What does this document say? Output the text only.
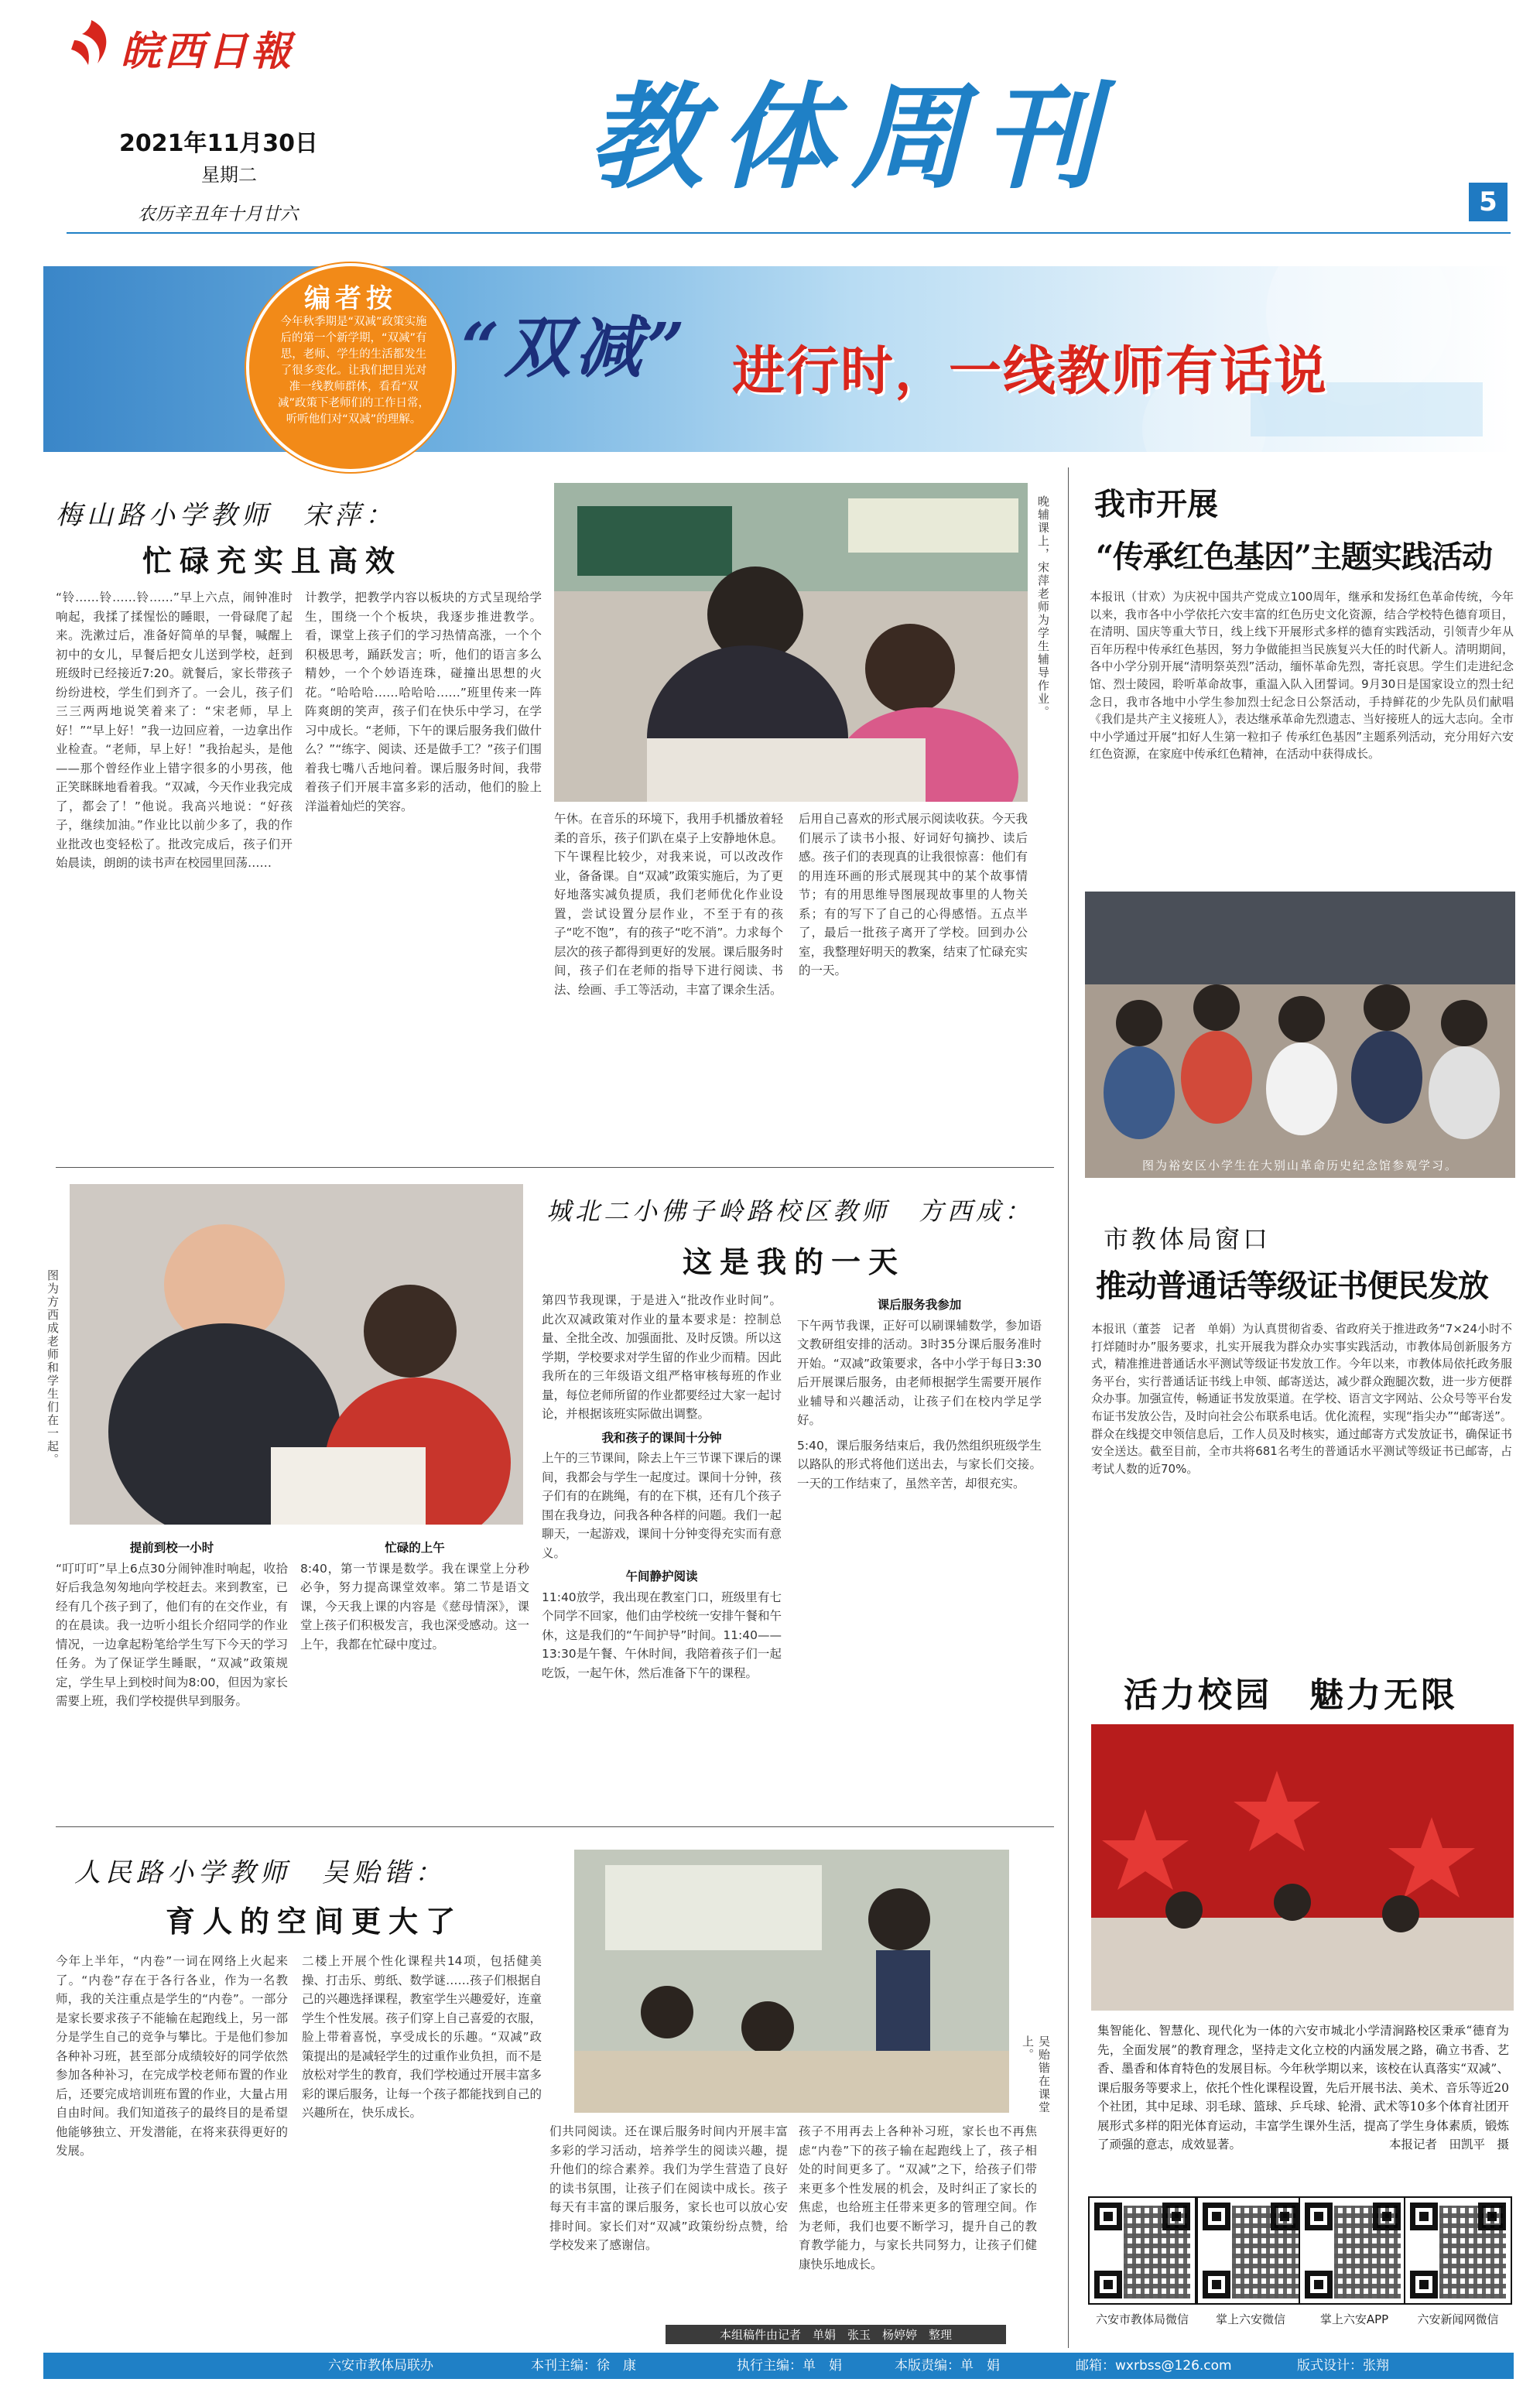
皖西日報
2021年11月30日
星期二
农历辛丑年十月廿六
教体周刊	5
编者按
今年秋季期是“双减”政策实施后的第一个新学期，“双减”有思，老师、学生的生活都发生了很多变化。让我们把目光对准一线教师群体，看看“双减”政策下老师们的工作日常，听听他们对“双减”的理解。
“双减” 进行时，一线教师有话说
梅山路小学教师　宋萍：
忙碌充实且高效
“铃……铃……铃……”早上六点，闹钟准时响起，我揉了揉惺忪的睡眼，一骨碌爬了起来。洗漱过后，准备好简单的早餐，喊醒上初中的女儿，早餐后把女儿送到学校，赶到班级时已经接近7:20。就餐后，家长带孩子纷纷进校，学生们到齐了。一会儿，孩子们三三两两地说笑着来了：“宋老师，早上好！”“早上好！”我一边回应着，一边拿出作业检查。“老师，早上好！”我抬起头，是他——那个曾经作业上错字很多的小男孩，他正笑眯眯地看着我。“双减，今天作业我完成了，都会了！”他说。我高兴地说：“好孩子，继续加油。”作业比以前少多了，我的作业批改也变轻松了。批改完成后，孩子们开始晨读，朗朗的读书声在校园里回荡……
计教学，把教学内容以板块的方式呈现给学生，围绕一个个板块，我逐步推进教学。看，课堂上孩子们的学习热情高涨，一个个积极思考，踊跃发言；听，他们的语言多么精妙，一个个妙语连珠，碰撞出思想的火花。“哈哈哈……哈哈哈……”班里传来一阵阵爽朗的笑声，孩子们在快乐中学习，在学习中成长。“老师，下午的课后服务我们做什么？”“练字、阅读、还是做手工？”孩子们围着我七嘴八舌地问着。课后服务时间，我带着孩子们开展丰富多彩的活动，他们的脸上洋溢着灿烂的笑容。
晚辅课上，宋萍老师为学生辅导作业。
午休。在音乐的环境下，我用手机播放着轻柔的音乐，孩子们趴在桌子上安静地休息。下午课程比较少，对我来说，可以改改作业，备备课。自“双减”政策实施后，为了更好地落实减负提质，我们老师优化作业设置，尝试设置分层作业，不至于有的孩子“吃不饱”，有的孩子“吃不消”。力求每个层次的孩子都得到更好的发展。课后服务时间，孩子们在老师的指导下进行阅读、书法、绘画、手工等活动，丰富了课余生活。
后用自己喜欢的形式展示阅读收获。今天我们展示了读书小报、好词好句摘抄、读后感。孩子们的表现真的让我很惊喜：他们有的用连环画的形式展现其中的某个故事情节；有的用思维导图展现故事里的人物关系；有的写下了自己的心得感悟。五点半了，最后一批孩子离开了学校。回到办公室，我整理好明天的教案，结束了忙碌充实的一天。
图为方西成老师和学生们在一起。
城北二小佛子岭路校区教师　方西成：
这是我的一天
第四节我现课，于是进入“批改作业时间”。此次双减政策对作业的量本要求是：控制总量、全批全改、加强面批、及时反馈。所以这学期，学校要求对学生留的作业少而精。因此我所在的三年级语文组严格审核每班的作业量，每位老师所留的作业都要经过大家一起讨论，并根据该班实际做出调整。
我和孩子的课间十分钟
上午的三节课间，除去上午三节课下课后的课间，我都会与学生一起度过。课间十分钟，孩子们有的在跳绳，有的在下棋，还有几个孩子围在我身边，问我各种各样的问题。我们一起聊天，一起游戏，课间十分钟变得充实而有意义。
午间静护阅读
11:40放学，我出现在教室门口，班级里有七个同学不回家，他们由学校统一安排午餐和午休，这是我们的“午间护导”时间。11:40——13:30是午餐、午休时间，我陪着孩子们一起吃饭，一起午休，然后准备下午的课程。
课后服务我参加
下午两节我课，正好可以刷课辅数学，参加语文教研组安排的活动。3时35分课后服务准时开始。“双减”政策要求，各中小学于每日3:30后开展课后服务，由老师根据学生需要开展作业辅导和兴趣活动，让孩子们在校内学足学好。
5:40，课后服务结束后，我仍然组织班级学生以路队的形式将他们送出去，与家长们交接。一天的工作结束了，虽然辛苦，却很充实。
提前到校一小时
“叮叮叮”早上6点30分闹钟准时响起，收拾好后我急匆匆地向学校赶去。来到教室，已经有几个孩子到了，他们有的在交作业，有的在晨读。我一边听小组长介绍同学的作业情况，一边拿起粉笔给学生写下今天的学习任务。为了保证学生睡眠，“双减”政策规定，学生早上到校时间为8:00，但因为家长需要上班，我们学校提供早到服务。
忙碌的上午
8:40，第一节课是数学。我在课堂上分秒必争，努力提高课堂效率。第二节是语文课，今天我上课的内容是《慈母情深》，课堂上孩子们积极发言，我也深受感动。这一上午，我都在忙碌中度过。
人民路小学教师　吴贻锴：
育人的空间更大了
今年上半年，“内卷”一词在网络上火起来了。“内卷”存在于各行各业，作为一名教师，我的关注重点是学生的“内卷”。一部分是家长要求孩子不能输在起跑线上，另一部分是学生自己的竞争与攀比。于是他们参加各种补习班，甚至部分成绩较好的同学依然参加各种补习，在完成学校老师布置的作业后，还要完成培训班布置的作业，大量占用自由时间。我们知道孩子的最终目的是希望他能够独立、开发潜能，在将来获得更好的发展。
二楼上开展个性化课程共14项，包括健美操、打击乐、剪纸、数学谜……孩子们根据自己的兴趣选择课程，教室学生兴趣爱好，连童学生个性发展。孩子们穿上自己喜爱的衣服，脸上带着喜悦，享受成长的乐趣。“双减”政策提出的是减轻学生的过重作业负担，而不是放松对学生的教育，我们学校通过开展丰富多彩的课后服务，让每一个孩子都能找到自己的兴趣所在，快乐成长。	吴贻锴在课堂上。
们共同阅读。还在课后服务时间内开展丰富多彩的学习活动，培养学生的阅读兴趣，提升他们的综合素养。我们为学生营造了良好的读书氛围，让孩子们在阅读中成长。孩子每天有丰富的课后服务，家长也可以放心安排时间。家长们对“双减”政策纷纷点赞，给学校发来了感谢信。
孩子不用再去上各种补习班，家长也不再焦虑“内卷”下的孩子输在起跑线上了，孩子相处的时间更多了。“双减”之下，给孩子们带来更多个性发展的机会，及时纠正了家长的焦虑，也给班主任带来更多的管理空间。作为老师，我们也要不断学习，提升自己的教育教学能力，与家长共同努力，让孩子们健康快乐地成长。
本组稿件由记者　单娟　张玉　杨婷婷　整理
我市开展
“传承红色基因”主题实践活动
本报讯（甘欢）为庆祝中国共产党成立100周年，继承和发扬红色革命传统，今年以来，我市各中小学依托六安丰富的红色历史文化资源，结合学校特色德育项目，在清明、国庆等重大节日，线上线下开展形式多样的德育实践活动，引领青少年从百年历程中传承红色基因，努力争做能担当民族复兴大任的时代新人。清明期间，各中小学分别开展“清明祭英烈”活动，缅怀革命先烈，寄托哀思。学生们走进纪念馆、烈士陵园，聆听革命故事，重温入队入团誓词。9月30日是国家设立的烈士纪念日，我市各地中小学生参加烈士纪念日公祭活动，手持鲜花的少先队员们献唱《我们是共产主义接班人》，表达继承革命先烈遗志、当好接班人的远大志向。全市中小学通过开展“扣好人生第一粒扣子 传承红色基因”主题系列活动，充分用好六安红色资源，在家庭中传承红色精神，在活动中获得成长。
图为裕安区小学生在大别山革命历史纪念馆参观学习。
市教体局窗口
推动普通话等级证书便民发放
本报讯（董荟　记者　单娟）为认真贯彻省委、省政府关于推进政务“7×24小时不打烊随时办”服务要求，扎实开展我为群众办实事实践活动，市教体局创新服务方式，精准推进普通话水平测试等级证书发放工作。今年以来，市教体局依托政务服务平台，实行普通话证书线上申领、邮寄送达，减少群众跑腿次数，进一步方便群众办事。加强宣传，畅通证书发放渠道。在学校、语言文字网站、公众号等平台发布证书发放公告，及时向社会公布联系电话。优化流程，实现“指尖办”“邮寄送”。群众在线提交申领信息后，工作人员及时核实，通过邮寄方式发放证书，确保证书安全送达。截至目前，全市共将681名考生的普通话水平测试等级证书已邮寄，占考试人数的近70%。
活力校园　魅力无限
集智能化、智慧化、现代化为一体的六安市城北小学清涧路校区秉承“德育为先，全面发展”的教育理念，坚持走文化立校的内涵发展之路，确立书香、艺香、墨香和体育特色的发展目标。今年秋学期以来，该校在认真落实“双减”、课后服务等要求上，依托个性化课程设置，先后开展书法、美术、音乐等近20个社团，其中足球、羽毛球、篮球、乒乓球、轮滑、武术等10多个体育社团开展形式多样的阳光体育运动，丰富学生课外生活，提高了学生身体素质，锻炼了顽强的意志，成效显著。	本报记者　田凯平　摄
六安市教体局微信	掌上六安微信	掌上六安APP	六安新闻网微信
六安市教体局联办	本刊主编：徐　康	执行主编：单　娟	本版责编：单　娟	邮箱：wxrbss@126.com	版式设计：张翔
